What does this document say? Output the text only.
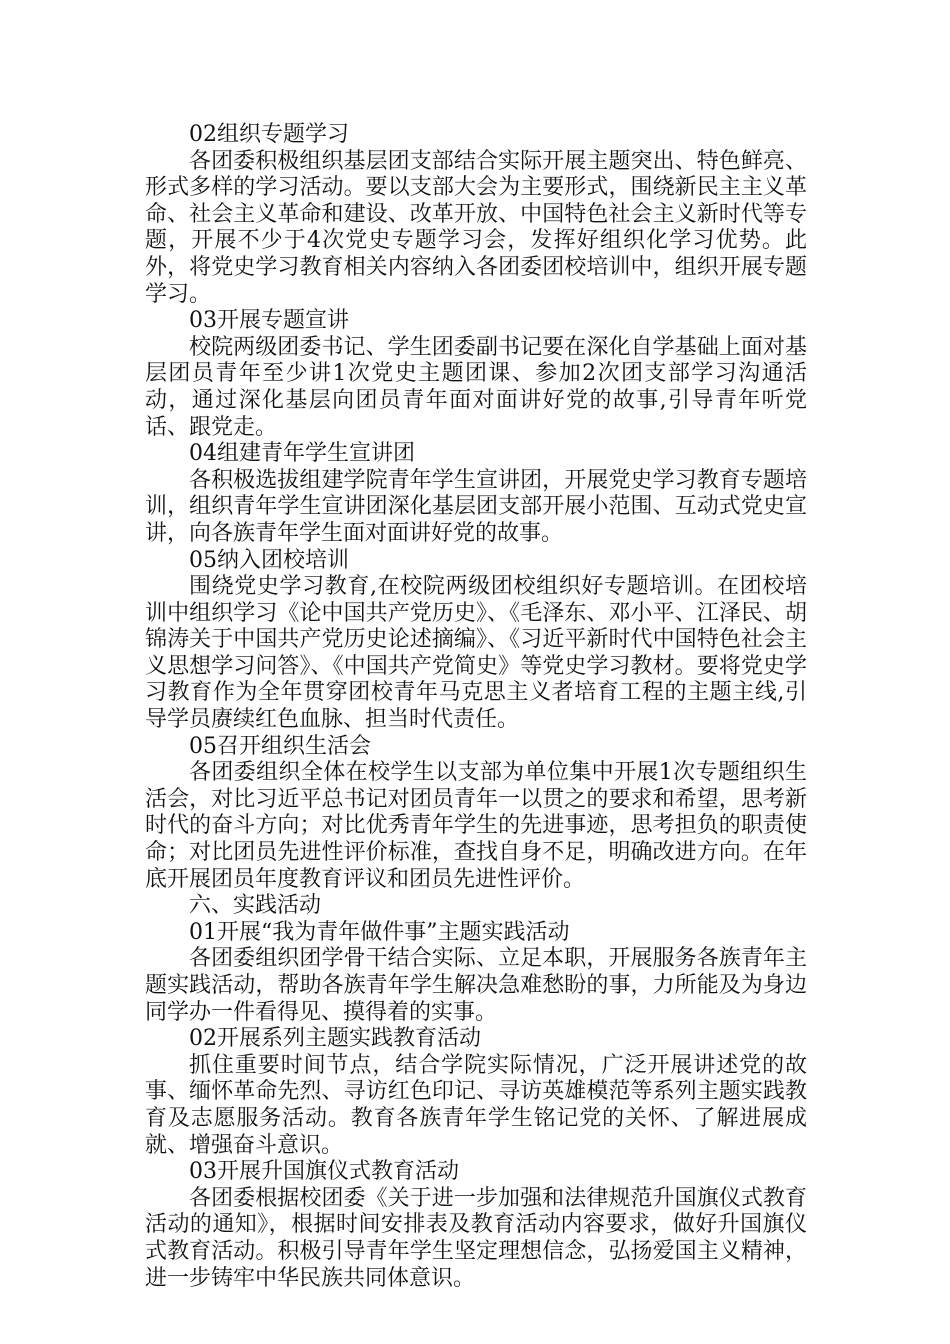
02组织专题学习

各团委积极组织基层团支部结合实际开展主题突出、特色鲜亮、形式多样的学习活动。要以支部大会为主要形式，围绕新民主主义革命、社会主义革命和建设、改革开放、中国特色社会主义新时代等专题，开展不少于4次党史专题学习会，发挥好组织化学习优势。此外，将党史学习教育相关内容纳入各团委团校培训中，组织开展专题学习。

03开展专题宣讲

校院两级团委书记、学生团委副书记要在深化自学基础上面对基层团员青年至少讲1次党史主题团课、参加2次团支部学习沟通活动，通过深化基层向团员青年面对面讲好党的故事,引导青年听党话、跟党走。

04组建青年学生宣讲团

各积极选拔组建学院青年学生宣讲团，开展党史学习教育专题培训，组织青年学生宣讲团深化基层团支部开展小范围、互动式党史宣讲，向各族青年学生面对面讲好党的故事。

05纳入团校培训

围绕党史学习教育,在校院两级团校组织好专题培训。在团校培训中组织学习《论中国共产党历史》、《毛泽东、邓小平、江泽民、胡锦涛关于中国共产党历史论述摘编》、《习近平新时代中国特色社会主义思想学习问答》、《中国共产党简史》等党史学习教材。要将党史学习教育作为全年贯穿团校青年马克思主义者培育工程的主题主线,引导学员赓续红色血脉、担当时代责任。

05召开组织生活会

各团委组织全体在校学生以支部为单位集中开展1次专题组织生活会，对比习近平总书记对团员青年一以贯之的要求和希望，思考新时代的奋斗方向；对比优秀青年学生的先进事迹，思考担负的职责使命；对比团员先进性评价标准，查找自身不足，明确改进方向。在年底开展团员年度教育评议和团员先进性评价。

六、实践活动

01开展“我为青年做件事”主题实践活动

各团委组织团学骨干结合实际、立足本职，开展服务各族青年主题实践活动，帮助各族青年学生解决急难愁盼的事，力所能及为身边同学办一件看得见、摸得着的实事。

02开展系列主题实践教育活动

抓住重要时间节点，结合学院实际情况，广泛开展讲述党的故事、缅怀革命先烈、寻访红色印记、寻访英雄模范等系列主题实践教育及志愿服务活动。教育各族青年学生铭记党的关怀、了解进展成就、增强奋斗意识。

03开展升国旗仪式教育活动

各团委根据校团委《关于进一步加强和法律规范升国旗仪式教育活动的通知》，根据时间安排表及教育活动内容要求，做好升国旗仪式教育活动。积极引导青年学生坚定理想信念，弘扬爱国主义精神，进一步铸牢中华民族共同体意识。
